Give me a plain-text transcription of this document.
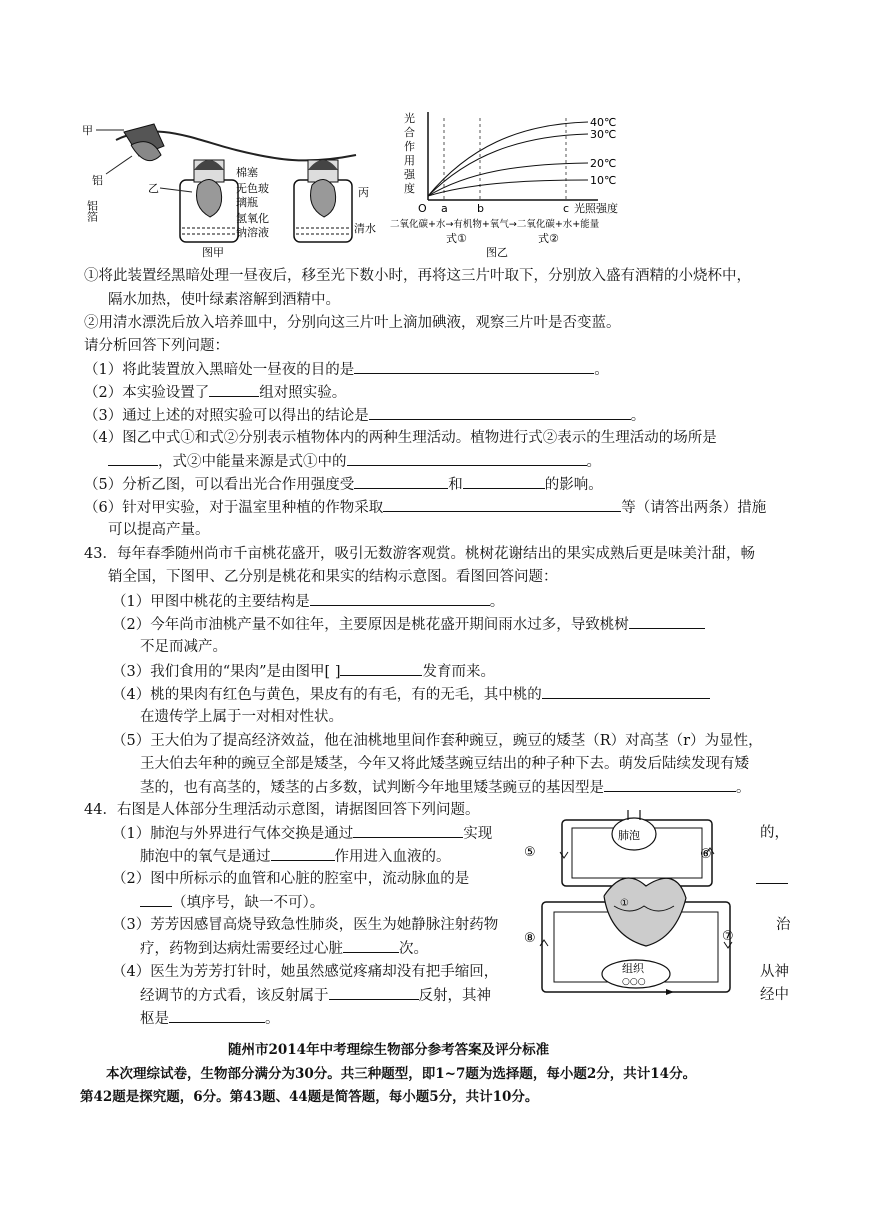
甲
铝
铝箔
乙
棉塞
无色玻
璃瓶
氢氧化
钠溶液
丙
清水
图甲
光
合
作
用
强
度
40℃
30℃
20℃
10℃
O a	b	c 光照强度
二氧化碳+水→有机物+氧气→二氧化碳+水+能量
式①	式②
图乙
①将此装置经黑暗处理一昼夜后，移至光下数小时，再将这三片叶取下，分别放入盛有酒精的小烧杯中，
隔水加热，使叶绿素溶解到酒精中。
②用清水漂洗后放入培养皿中，分别向这三片叶上滴加碘液，观察三片叶是否变蓝。
请分析回答下列问题：
（1）将此装置放入黑暗处一昼夜的目的是	。
（2）本实验设置了	组对照实验。
（3）通过上述的对照实验可以得出的结论是	。
（4）图乙中式①和式②分别表示植物体内的两种生理活动。植物进行式②表示的生理活动的场所是
，式②中能量来源是式①中的	。
（5）分析乙图，可以看出光合作用强度受	和	的影响。
（6）针对甲实验，对于温室里种植的作物采取	等（请答出两条）措施
可以提高产量。
43．每年春季随州尚市千亩桃花盛开，吸引无数游客观赏。桃树花谢结出的果实成熟后更是味美汁甜，畅
销全国，下图甲、乙分别是桃花和果实的结构示意图。看图回答问题：
（1）甲图中桃花的主要结构是	。
（2）今年尚市油桃产量不如往年，主要原因是桃花盛开期间雨水过多，导致桃树
不足而减产。
（3）我们食用的“果肉”是由图甲[ ]	发育而来。
（4）桃的果肉有红色与黄色，果皮有的有毛，有的无毛，其中桃的
在遗传学上属于一对相对性状。
（5）王大伯为了提高经济效益，他在油桃地里间作套种豌豆，豌豆的矮茎（R）对高茎（r）为显性，
王大伯去年种的豌豆全部是矮茎，今年又将此矮茎豌豆结出的种子种下去。萌发后陆续发现有矮
茎的，也有高茎的，矮茎的占多数，试判断今年地里矮茎豌豆的基因型是	。
44．右图是人体部分生理活动示意图，请据图回答下列问题。
（1）肺泡与外界进行气体交换是通过	实现	的，
肺泡中的氧气是通过	作用进入血液的。
（2）图中所标示的血管和心脏的腔室中，流动脉血的是
（填序号，缺一不可）。
（3）芳芳因感冒高烧导致急性肺炎，医生为她静脉注射药物	治
疗，药物到达病灶需要经过心脏	次。
（4）医生为芳芳打针时，她虽然感觉疼痛却没有把手缩回，	从神
经调节的方式看，该反射属于	反射，其神	经中
枢是	。
肺泡
①
组织
○○○
⑤	⑥
⑦
⑧
随州市2014年中考理综生物部分参考答案及评分标准
本次理综试卷，生物部分满分为30分。共三种题型，即1~7题为选择题，每小题2分，共计14分。
第42题是探究题，6分。第43题、44题是简答题，每小题5分，共计10分。
